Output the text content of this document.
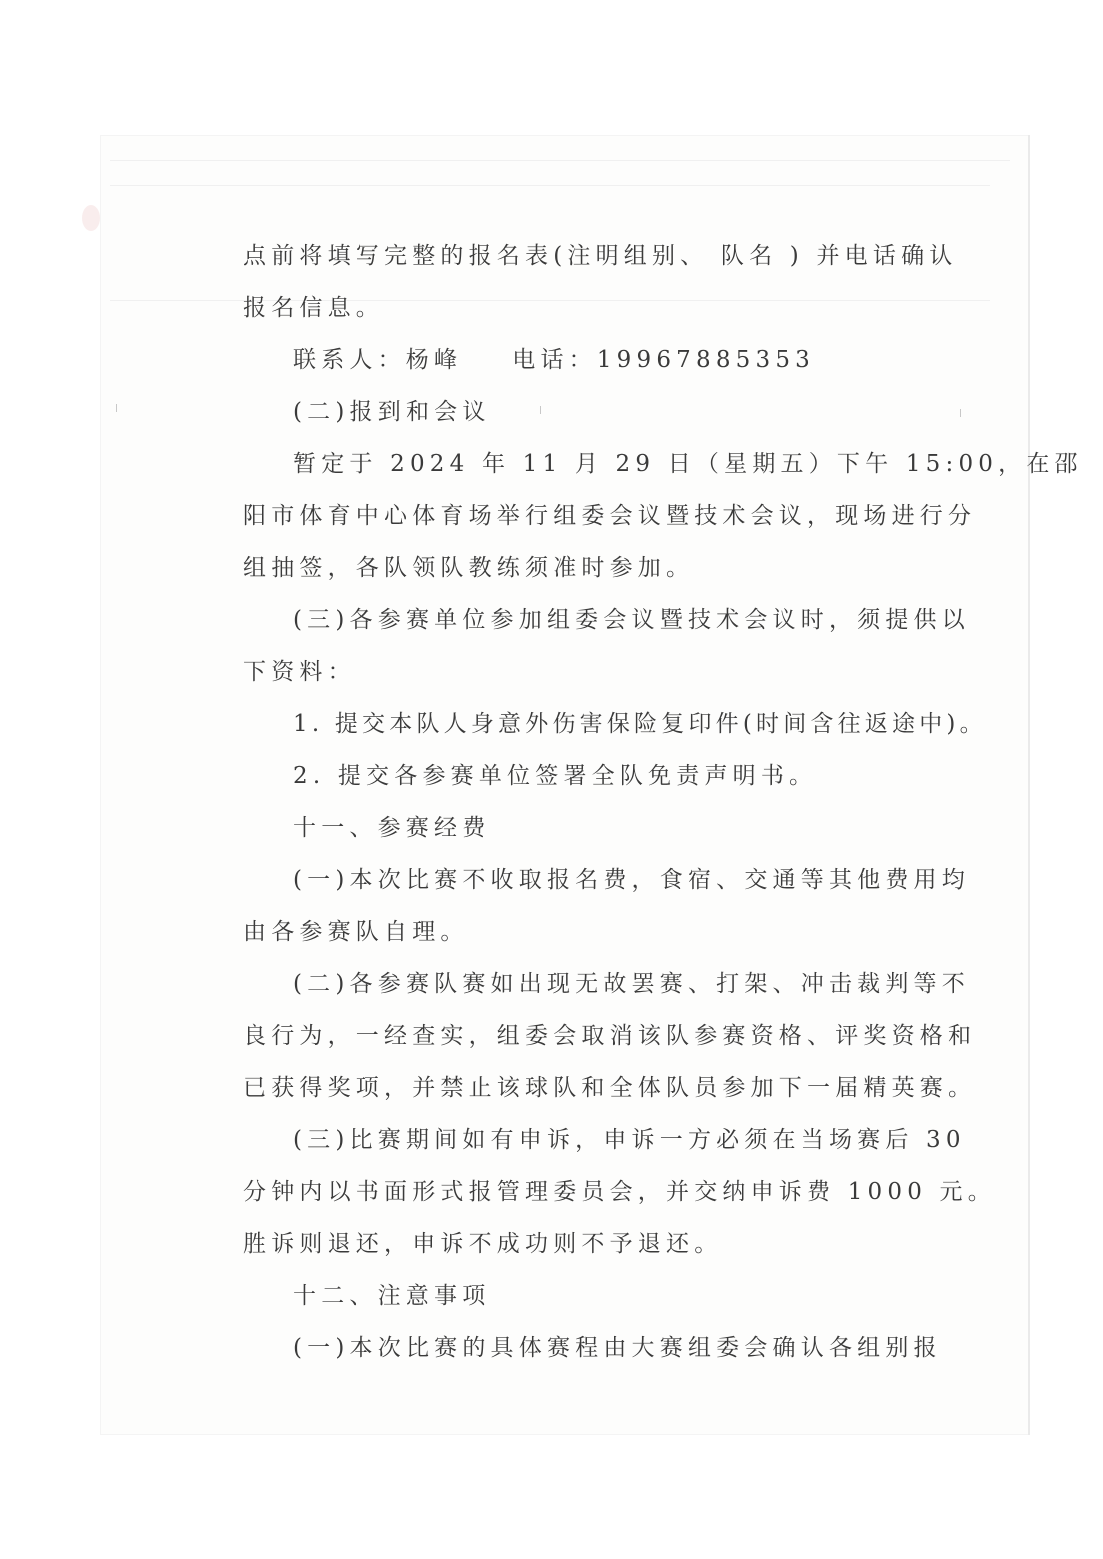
点前将填写完整的报名表(注明组别、 队名 ) 并电话确认
报名信息。
联系人：杨峰    电话：19967885353
(二)报到和会议
暂定于 2024 年 11 月 29 日（星期五）下午 15:00，在邵
阳市体育中心体育场举行组委会议暨技术会议，现场进行分
组抽签，各队领队教练须准时参加。
(三)各参赛单位参加组委会议暨技术会议时，须提供以
下资料：
1. 提交本队人身意外伤害保险复印件(时间含往返途中)。
2. 提交各参赛单位签署全队免责声明书。
十一、参赛经费
(一)本次比赛不收取报名费，食宿、交通等其他费用均
由各参赛队自理。
(二)各参赛队赛如出现无故罢赛、打架、冲击裁判等不
良行为，一经查实，组委会取消该队参赛资格、评奖资格和
已获得奖项，并禁止该球队和全体队员参加下一届精英赛。
(三)比赛期间如有申诉，申诉一方必须在当场赛后 30
分钟内以书面形式报管理委员会，并交纳申诉费 1000 元。
胜诉则退还，申诉不成功则不予退还。
十二、注意事项
(一)本次比赛的具体赛程由大赛组委会确认各组别报
